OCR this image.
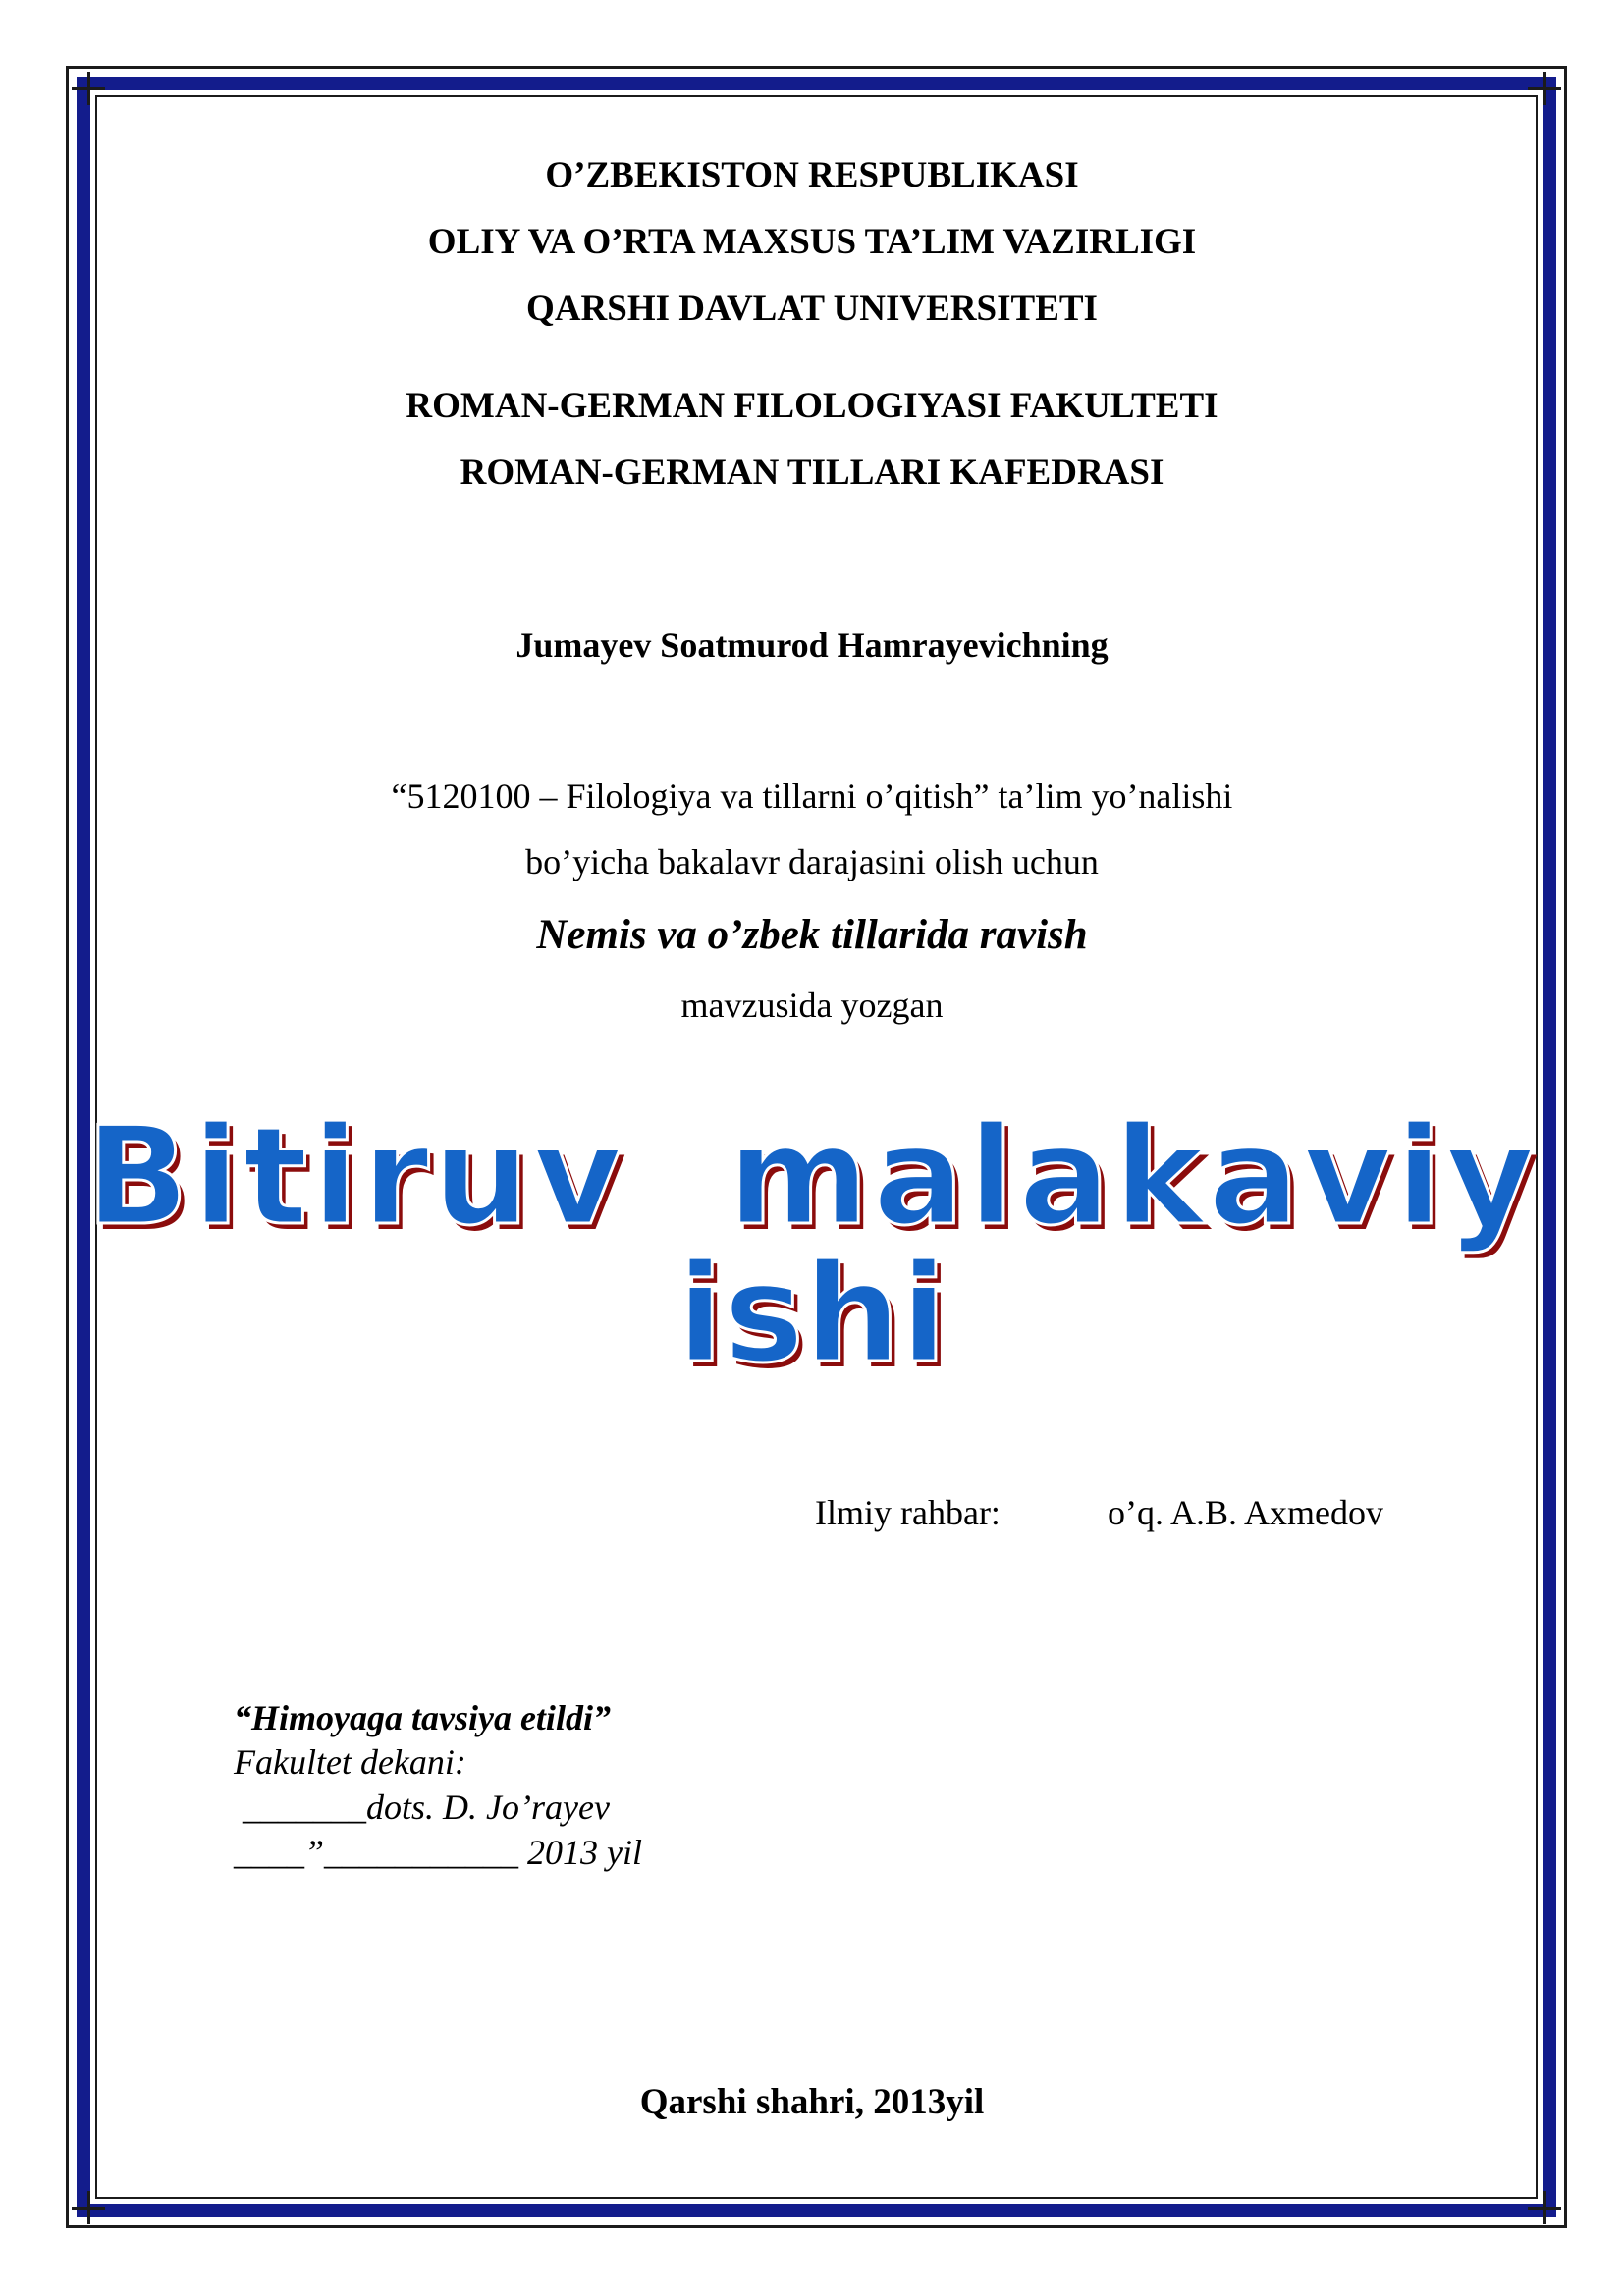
O’ZBEKISTON RESPUBLIKASI
OLIY VA O’RTA MAXSUS TA’LIM VAZIRLIGI
QARSHI DAVLAT UNIVERSITETI
ROMAN-GERMAN FILOLOGIYASI FAKULTETI
ROMAN-GERMAN TILLARI KAFEDRASI
Jumayev Soatmurod Hamrayevichning
“5120100 – Filologiya va tillarni o’qitish” ta’lim yo’nalishi
bo’yicha bakalavr darajasini olish uchun
Nemis va o’zbek tillarida ravish
mavzusida yozgan
Bitiruv  malakaviy
ishi
Ilmiy rahbar:	o’q. A.B. Axmedov
“Himoyaga tavsiya etildi”
Fakultet dekani:
_______dots. D. Jo’rayev
____”___________ 2013 yil
Qarshi shahri, 2013yil
